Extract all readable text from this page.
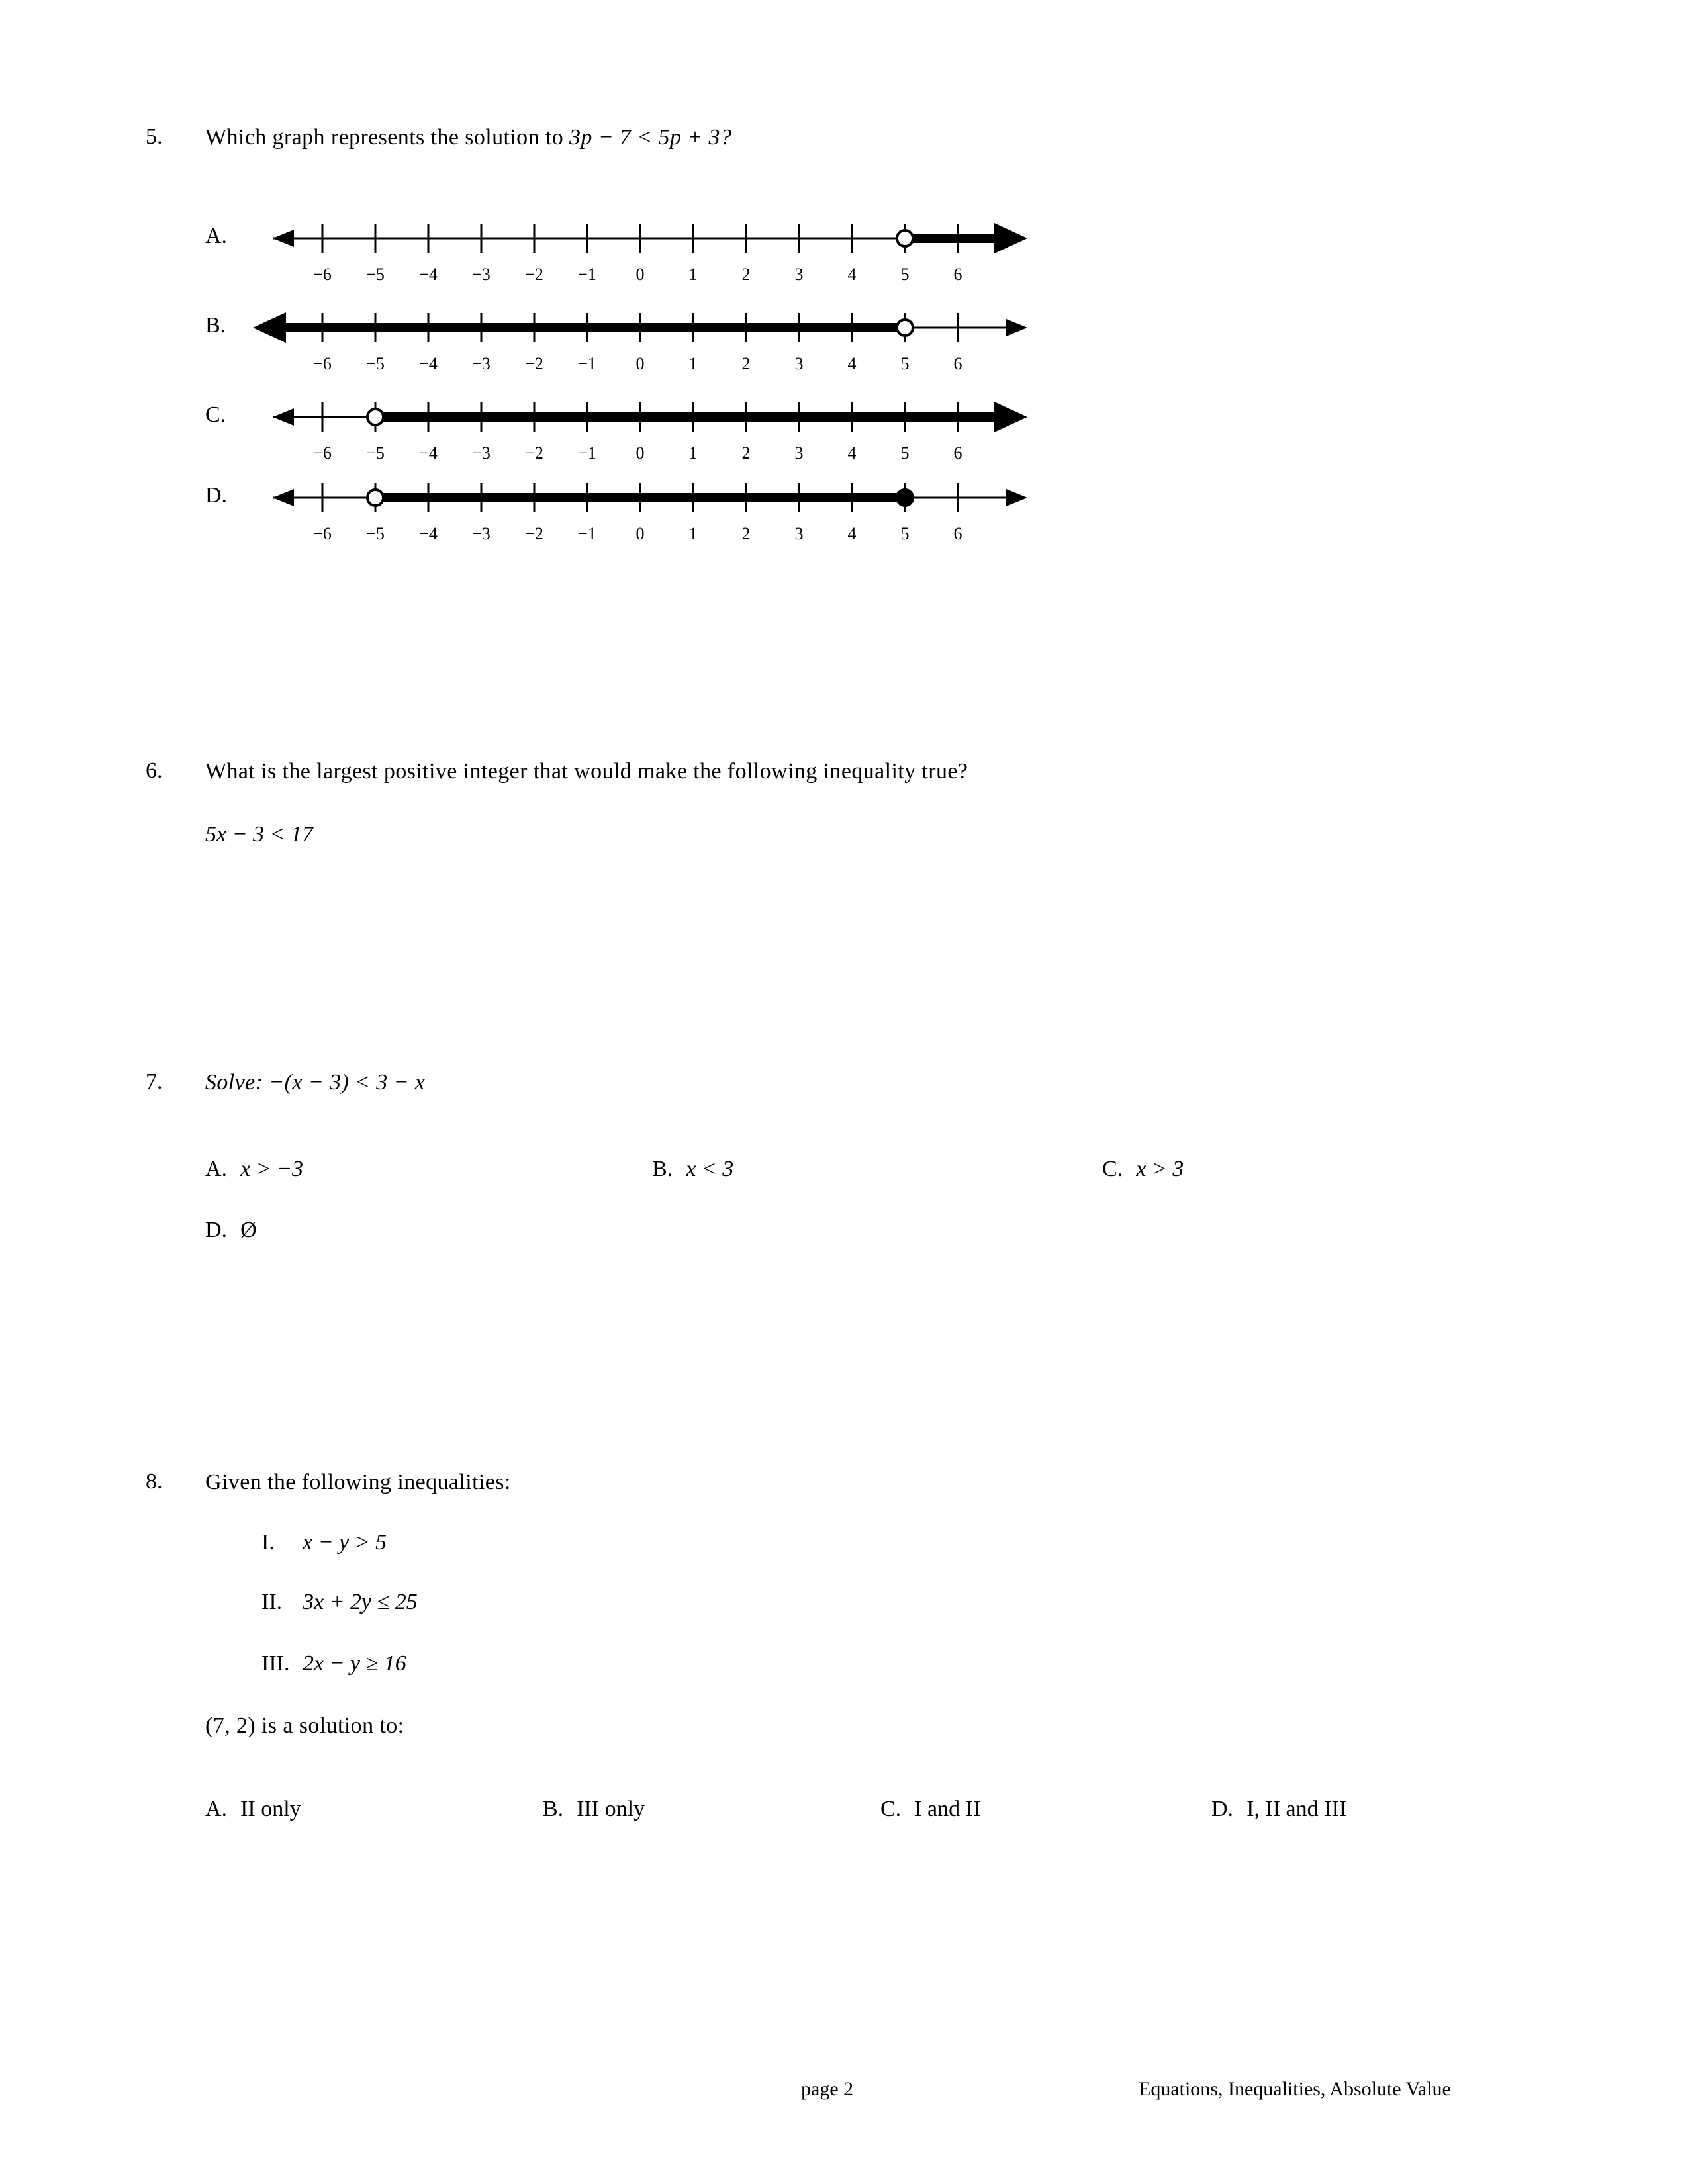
5. Which graph represents the solution to 3p − 7 < 5p + 3?
A.
−6 −5 −4 −3 −2 −1 0	1	2	3	4	5	6
B.
−6 −5 −4 −3 −2 −1 0	1	2	3	4	5	6
C.
−6 −5 −4 −3 −2 −1 0	1	2	3	4	5	6
D.
−6 −5 −4 −3 −2 −1 0	1	2	3	4	5	6
6. What is the largest positive integer that would make the following inequality true?
5x − 3 < 17
7. Solve: −(x − 3) < 3 − x
A. x > −3	B. x < 3	C. x > 3
D. Ø
8. Given the following inequalities:
I. x − y > 5
II. 3x + 2y ≤ 25
III. 2x − y ≥ 16
(7, 2) is a solution to:
A. II only	B. III only	C. I and II	D. I, II and III
page 2	Equations, Inequalities, Absolute Value
